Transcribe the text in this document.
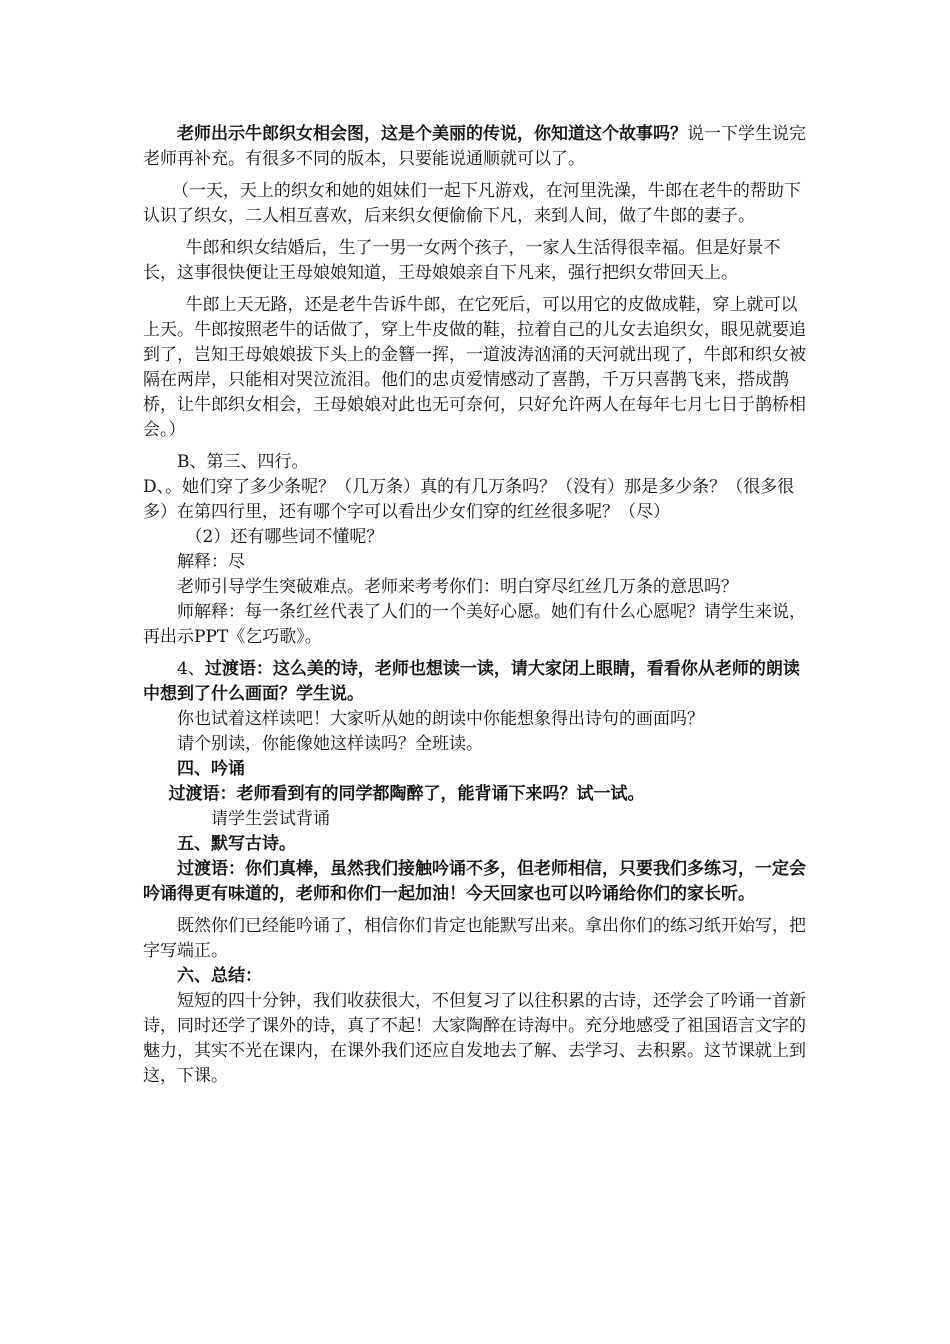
老师出示牛郎织女相会图，这是个美丽的传说，你知道这个故事吗？说一下学生说完老师再补充。有很多不同的版本，只要能说通顺就可以了。

（一天，天上的织女和她的姐妹们一起下凡游戏，在河里洗澡，牛郎在老牛的帮助下认识了织女，二人相互喜欢，后来织女便偷偷下凡，来到人间，做了牛郎的妻子。

牛郎和织女结婚后，生了一男一女两个孩子，一家人生活得很幸福。但是好景不长，这事很快便让王母娘娘知道，王母娘娘亲自下凡来，强行把织女带回天上。

牛郎上天无路，还是老牛告诉牛郎，在它死后，可以用它的皮做成鞋，穿上就可以上天。牛郎按照老牛的话做了，穿上牛皮做的鞋，拉着自己的儿女去追织女，眼见就要追到了，岂知王母娘娘拔下头上的金簪一挥，一道波涛汹涌的天河就出现了，牛郎和织女被隔在两岸，只能相对哭泣流泪。他们的忠贞爱情感动了喜鹊，千万只喜鹊飞来，搭成鹊桥，让牛郎织女相会，王母娘娘对此也无可奈何，只好允许两人在每年七月七日于鹊桥相会。）

B、第三、四行。

D、。她们穿了多少条呢？（几万条）真的有几万条吗？（没有）那是多少条？（很多很多）在第四行里，还有哪个字可以看出少女们穿的红丝很多呢？（尽）

（2）还有哪些词不懂呢？

解释：尽

老师引导学生突破难点。老师来考考你们：明白穿尽红丝几万条的意思吗？

师解释：每一条红丝代表了人们的一个美好心愿。她们有什么心愿呢？请学生来说，再出示PPT《乞巧歌》。

4、过渡语：这么美的诗，老师也想读一读，请大家闭上眼睛，看看你从老师的朗读中想到了什么画面？学生说。

你也试着这样读吧！大家听从她的朗读中你能想象得出诗句的画面吗？

请个别读，你能像她这样读吗？全班读。

四、吟诵

过渡语：老师看到有的同学都陶醉了，能背诵下来吗？试一试。

请学生尝试背诵

五、默写古诗。

过渡语：你们真棒，虽然我们接触吟诵不多，但老师相信，只要我们多练习，一定会吟诵得更有味道的，老师和你们一起加油！今天回家也可以吟诵给你们的家长听。

既然你们已经能吟诵了，相信你们肯定也能默写出来。拿出你们的练习纸开始写，把字写端正。

六、总结：

短短的四十分钟，我们收获很大，不但复习了以往积累的古诗，还学会了吟诵一首新诗，同时还学了课外的诗，真了不起！大家陶醉在诗海中。充分地感受了祖国语言文字的魅力，其实不光在课内，在课外我们还应自发地去了解、去学习、去积累。这节课就上到这，下课。
